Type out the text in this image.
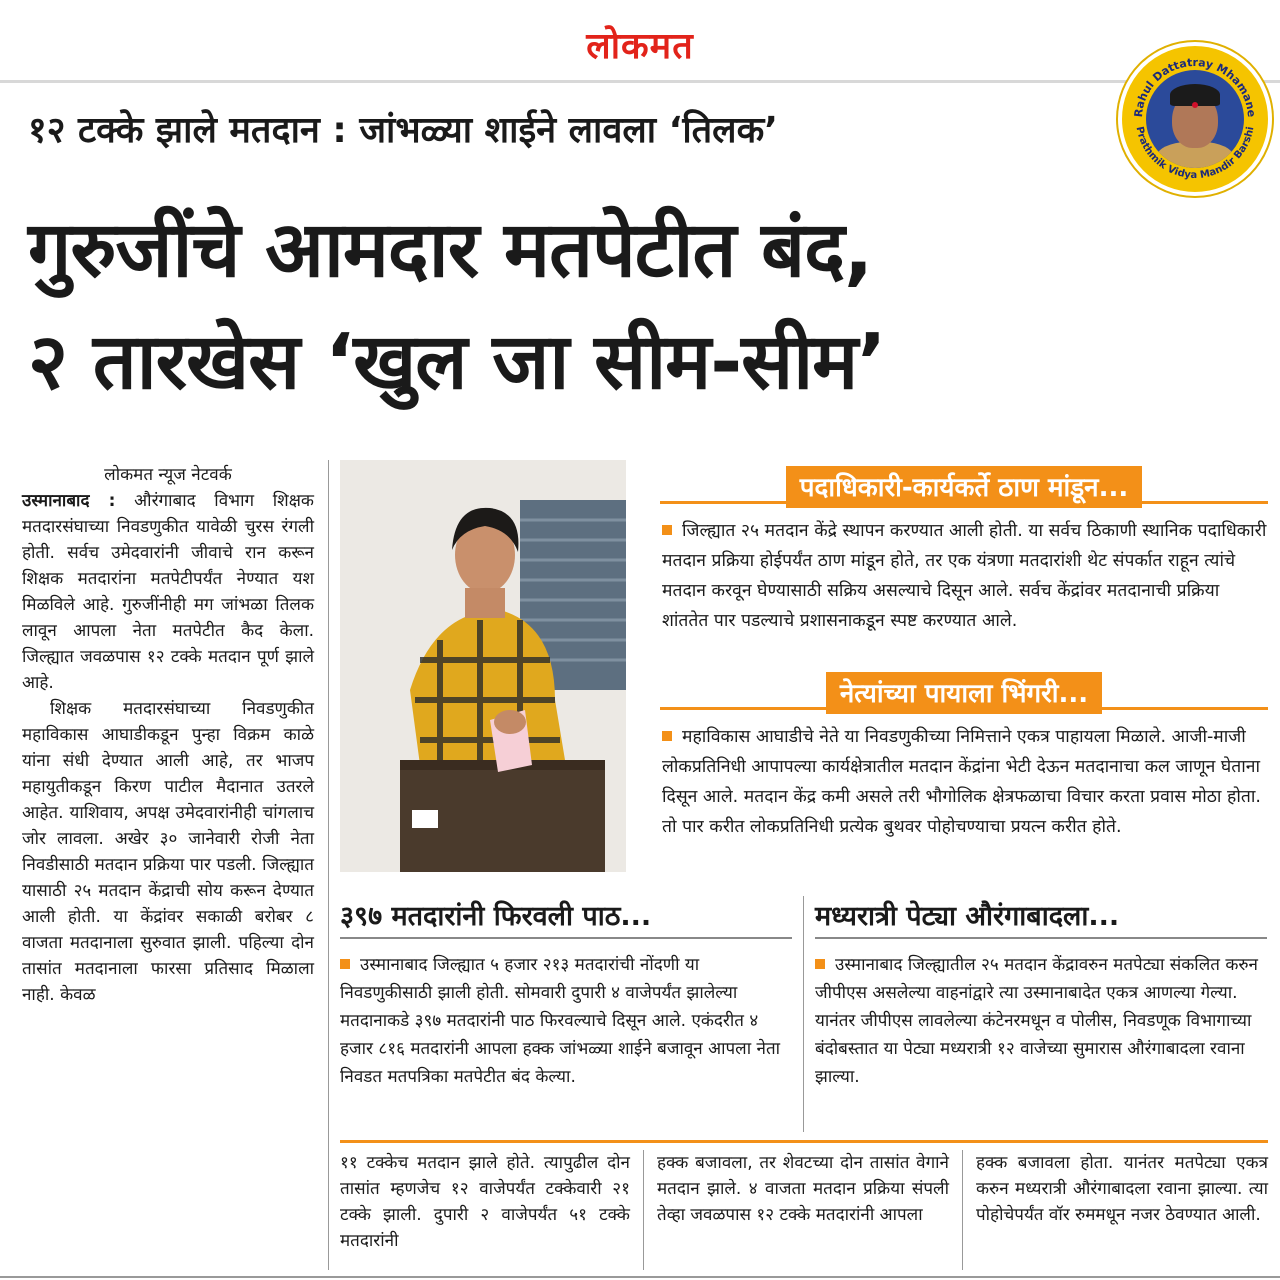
लोकमत
Rahul Dattatray Mhamane
Prathmik Vidya Mandir Barshi
१२ टक्के झाले मतदान : जांभळ्या शाईने लावला ‘तिलक’
गुरुजींचे आमदार मतपेटीत बंद,
२ तारखेस ‘खुल जा सीम-सीम’
लोकमत न्यूज नेटवर्क
उस्मानाबाद : औरंगाबाद विभाग शिक्षक मतदारसंघाच्या निवडणुकीत यावेळी चुरस रंगली होती. सर्वच उमेदवारांनी जीवाचे रान करून शिक्षक मतदारांना मतपेटीपर्यंत नेण्यात यश मिळविले आहे. गुरुजींनीही मग जांभळा तिलक लावून आपला नेता मतपेटीत कैद केला. जिल्ह्यात जवळपास १२ टक्के मतदान पूर्ण झाले आहे.
शिक्षक मतदारसंघाच्या निवडणुकीत महाविकास आघाडीकडून पुन्हा विक्रम काळे यांना संधी देण्यात आली आहे, तर भाजप महायुतीकडून किरण पाटील मैदानात उतरले आहेत. याशिवाय, अपक्ष उमेदवारांनीही चांगलाच जोर लावला. अखेर ३० जानेवारी रोजी नेता निवडीसाठी मतदान प्रक्रिया पार पडली. जिल्ह्यात यासाठी २५ मतदान केंद्राची सोय करून देण्यात आली होती. या केंद्रांवर सकाळी बरोबर ८ वाजता मतदानाला सुरुवात झाली. पहिल्या दोन तासांत मतदानाला फारसा प्रतिसाद मिळाला नाही. केवळ
पदाधिकारी-कार्यकर्ते ठाण मांडून...
जिल्ह्यात २५ मतदान केंद्रे स्थापन करण्यात आली होती. या सर्वच ठिकाणी स्थानिक पदाधिकारी मतदान प्रक्रिया होईपर्यंत ठाण मांडून होते, तर एक यंत्रणा मतदारांशी थेट संपर्कात राहून त्यांचे मतदान करवून घेण्यासाठी सक्रिय असल्याचे दिसून आले. सर्वच केंद्रांवर मतदानाची प्रक्रिया शांततेत पार पडल्याचे प्रशासनाकडून स्पष्ट करण्यात आले.
नेत्यांच्या पायाला भिंगरी...
महाविकास आघाडीचे नेते या निवडणुकीच्या निमित्ताने एकत्र पाहायला मिळाले. आजी-माजी लोकप्रतिनिधी आपापल्या कार्यक्षेत्रातील मतदान केंद्रांना भेटी देऊन मतदानाचा कल जाणून घेताना दिसून आले. मतदान केंद्र कमी असले तरी भौगोलिक क्षेत्रफळाचा विचार करता प्रवास मोठा होता. तो पार करीत लोकप्रतिनिधी प्रत्येक बुथवर पोहोचण्याचा प्रयत्न करीत होते.
३९७ मतदारांनी फिरवली पाठ...
उस्मानाबाद जिल्ह्यात ५ हजार २१३ मतदारांची नोंदणी या निवडणुकीसाठी झाली होती. सोमवारी दुपारी ४ वाजेपर्यंत झालेल्या मतदानाकडे ३९७ मतदारांनी पाठ फिरवल्याचे दिसून आले. एकंदरीत ४ हजार ८१६ मतदारांनी आपला हक्क जांभळ्या शाईने बजावून आपला नेता निवडत मतपत्रिका मतपेटीत बंद केल्या.
मध्यरात्री पेट्या औरंगाबादला...
उस्मानाबाद जिल्ह्यातील २५ मतदान केंद्रावरुन मतपेट्या संकलित करुन जीपीएस असलेल्या वाहनांद्वारे त्या उस्मानाबादेत एकत्र आणल्या गेल्या. यानंतर जीपीएस लावलेल्या कंटेनरमधून व पोलीस, निवडणूक विभागाच्या बंदोबस्तात या पेट्या मध्यरात्री १२ वाजेच्या सुमारास औरंगाबादला रवाना झाल्या.
११ टक्केच मतदान झाले होते. त्यापुढील दोन तासांत म्हणजेच १२ वाजेपर्यंत टक्केवारी २१ टक्के झाली. दुपारी २ वाजेपर्यंत ५१ टक्के मतदारांनी
हक्क बजावला, तर शेवटच्या दोन तासांत वेगाने मतदान झाले. ४ वाजता मतदान प्रक्रिया संपली तेव्हा जवळपास १२ टक्के मतदारांनी आपला
हक्क बजावला होता. यानंतर मतपेट्या एकत्र करुन मध्यरात्री औरंगाबादला रवाना झाल्या. त्या पोहोचेपर्यंत वॉर रुममधून नजर ठेवण्यात आली.
